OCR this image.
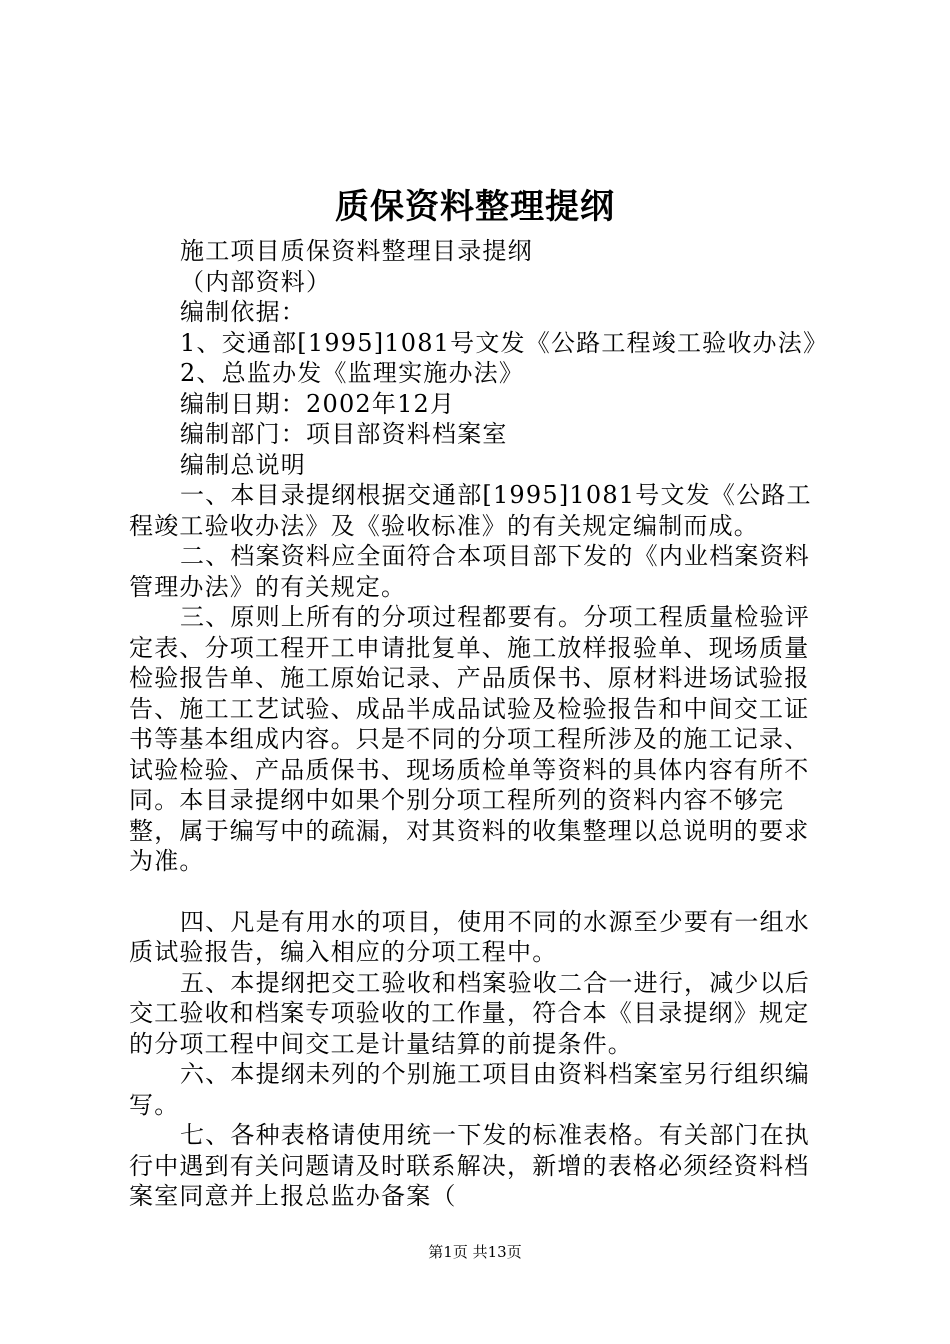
质保资料整理提纲

施工项目质保资料整理目录提纲

（内部资料）

编制依据：

1、交通部[1995]1081号文发《公路工程竣工验收办法》

2、总监办发《监理实施办法》

编制日期：2002年12月

编制部门：项目部资料档案室

编制总说明

一、本目录提纲根据交通部[1995]1081号文发《公路工程竣工验收办法》及《验收标准》的有关规定编制而成。

二、档案资料应全面符合本项目部下发的《内业档案资料管理办法》的有关规定。

三、原则上所有的分项过程都要有。分项工程质量检验评定表、分项工程开工申请批复单、施工放样报验单、现场质量检验报告单、施工原始记录、产品质保书、原材料进场试验报告、施工工艺试验、成品半成品试验及检验报告和中间交工证书等基本组成内容。只是不同的分项工程所涉及的施工记录、试验检验、产品质保书、现场质检单等资料的具体内容有所不同。本目录提纲中如果个别分项工程所列的资料内容不够完整，属于编写中的疏漏，对其资料的收集整理以总说明的要求为准。

四、凡是有用水的项目，使用不同的水源至少要有一组水质试验报告，编入相应的分项工程中。

五、本提纲把交工验收和档案验收二合一进行，减少以后交工验收和档案专项验收的工作量，符合本《目录提纲》规定的分项工程中间交工是计量结算的前提条件。

六、本提纲未列的个别施工项目由资料档案室另行组织编写。

七、各种表格请使用统一下发的标准表格。有关部门在执行中遇到有关问题请及时联系解决，新增的表格必须经资料档案室同意并上报总监办备案（

第1页 共13页
